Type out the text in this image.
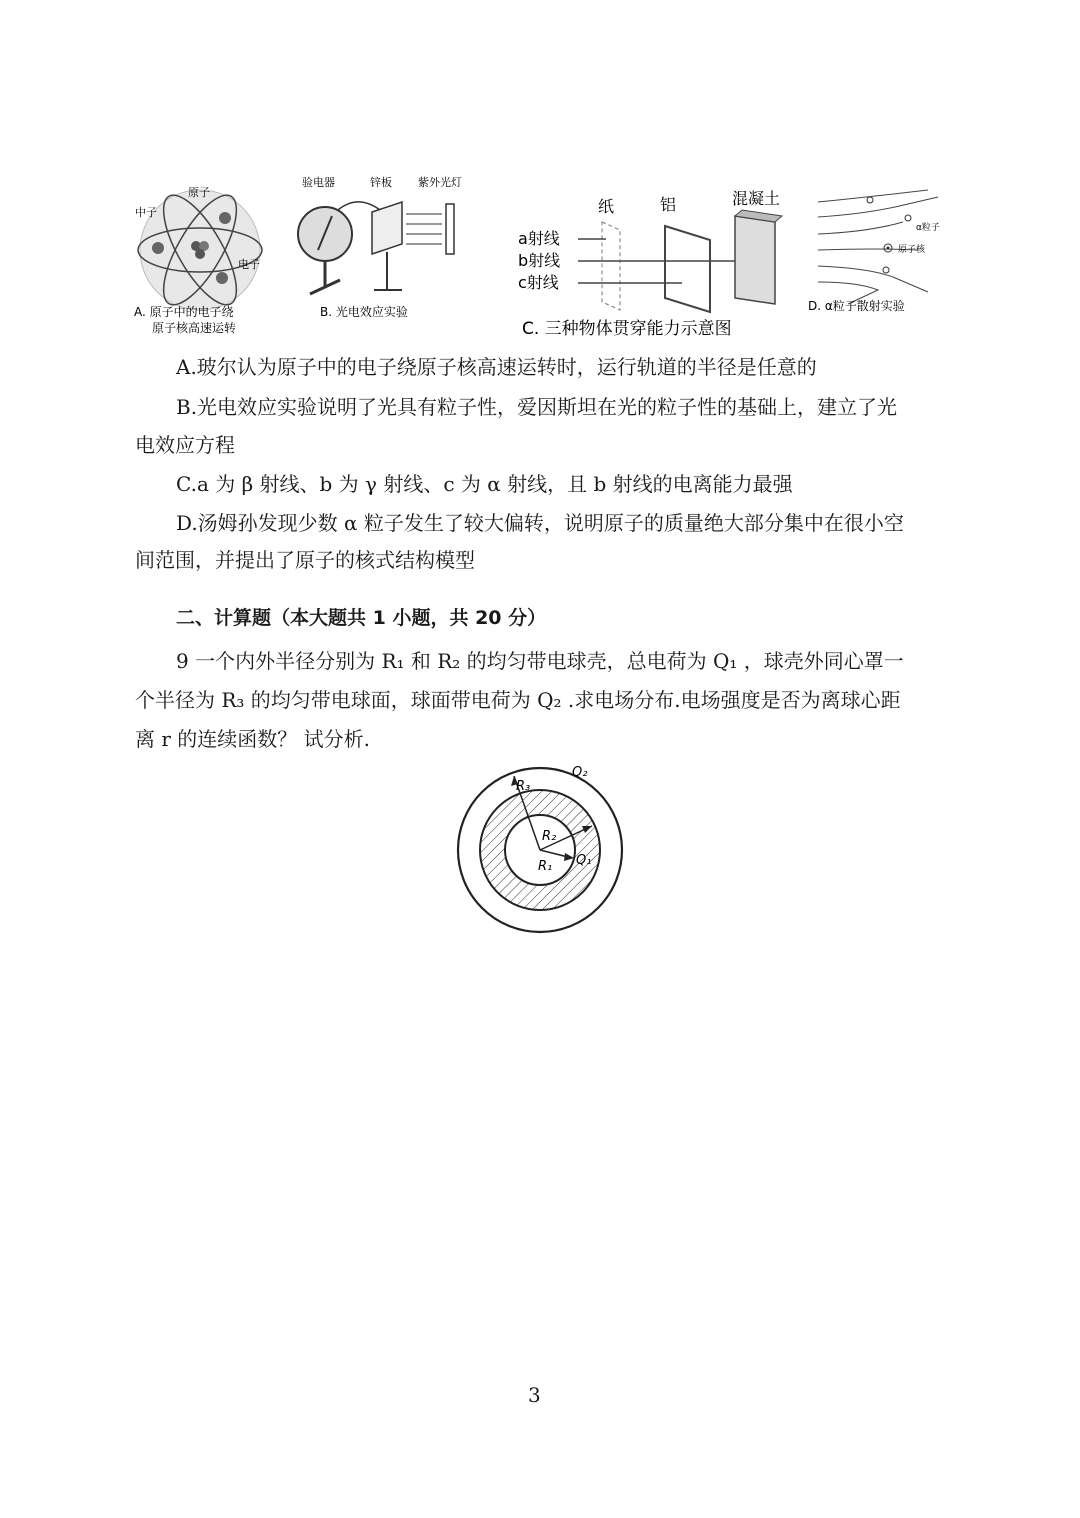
原子
中子
电子
A. 原子中的电子绕
原子核高速运转
验电器	锌板 紫外光灯
B. 光电效应实验
纸	铝	混凝土
a射线
b射线
c射线
C. 三种物体贯穿能力示意图
α粒子
原子核
D. α粒子散射实验
A.玻尔认为原子中的电子绕原子核高速运转时，运行轨道的半径是任意的
B.光电效应实验说明了光具有粒子性，爱因斯坦在光的粒子性的基础上，建立了光
电效应方程
C.a 为 β 射线、b 为 γ 射线、c 为 α 射线，且 b 射线的电离能力最强
D.汤姆孙发现少数 α 粒子发生了较大偏转，说明原子的质量绝大部分集中在很小空
间范围，并提出了原子的核式结构模型
二、计算题（本大题共 1 小题，共 20 分）
9 一个内外半径分别为 R₁ 和 R₂ 的均匀带电球壳，总电荷为 Q₁ ，球壳外同心罩一
个半径为 R₃ 的均匀带电球面，球面带电荷为 Q₂ .求电场分布.电场强度是否为离球心距
离 r 的连续函数？ 试分析.
R₃
R₂
R₁ Q₁
Q₂
3
